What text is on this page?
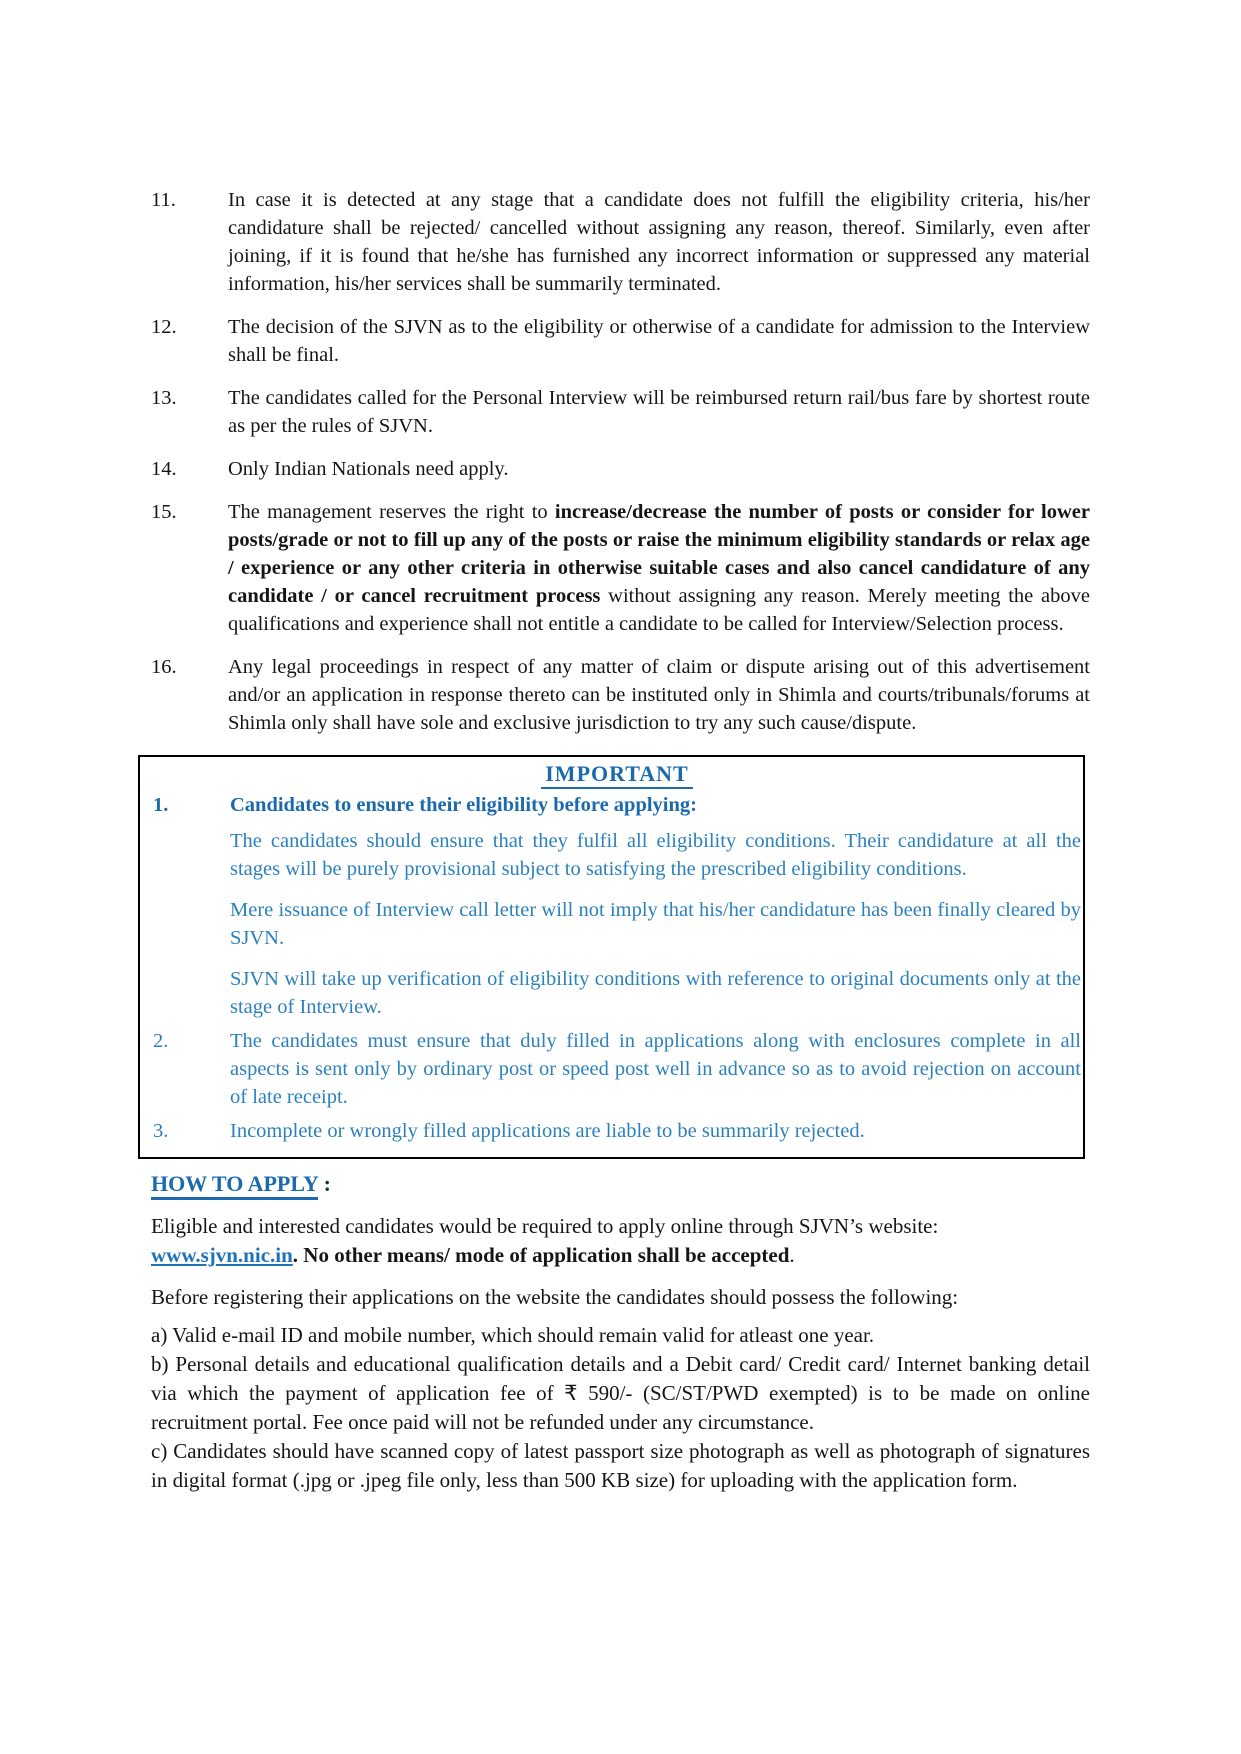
11.	In case it is detected at any stage that a candidate does not fulfill the eligibility criteria, his/her candidature shall be rejected/ cancelled without assigning any reason, thereof. Similarly, even after joining, if it is found that he/she has furnished any incorrect information or suppressed any material information, his/her services shall be summarily terminated.
12.	The decision of the SJVN as to the eligibility or otherwise of a candidate for admission to the Interview shall be final.
13.	The candidates called for the Personal Interview will be reimbursed return rail/bus fare by shortest route as per the rules of SJVN.
14.	Only Indian Nationals need apply.
15.	The management reserves the right to increase/decrease the number of posts or consider for lower posts/grade or not to fill up any of the posts or raise the minimum eligibility standards or relax age / experience or any other criteria in otherwise suitable cases and also cancel candidature of any candidate / or cancel recruitment process without assigning any reason. Merely meeting the above qualifications and experience shall not entitle a candidate to be called for Interview/Selection process.
16.	Any legal proceedings in respect of any matter of claim or dispute arising out of this advertisement and/or an application in response thereto can be instituted only in Shimla and courts/tribunals/forums at Shimla only shall have sole and exclusive jurisdiction to try any such cause/dispute.
IMPORTANT
1.	Candidates to ensure their eligibility before applying:

The candidates should ensure that they fulfil all eligibility conditions. Their candidature at all the stages will be purely provisional subject to satisfying the prescribed eligibility conditions.

Mere issuance of Interview call letter will not imply that his/her candidature has been finally cleared by SJVN.

SJVN will take up verification of eligibility conditions with reference to original documents only at the stage of Interview.

2.	The candidates must ensure that duly filled in applications along with enclosures complete in all aspects is sent only by ordinary post or speed post well in advance so as to avoid rejection on account of late receipt.
3.	Incomplete or wrongly filled applications are liable to be summarily rejected.
HOW TO APPLY :

Eligible and interested candidates would be required to apply online through SJVN’s website: www.sjvn.nic.in. No other means/ mode of application shall be accepted.

Before registering their applications on the website the candidates should possess the following:

a) Valid e-mail ID and mobile number, which should remain valid for atleast one year.

b) Personal details and educational qualification details and a Debit card/ Credit card/ Internet banking detail via which the payment of application fee of ₹ 590/- (SC/ST/PWD exempted) is to be made on online recruitment portal. Fee once paid will not be refunded under any circumstance.

c) Candidates should have scanned copy of latest passport size photograph as well as photograph of signatures in digital format (.jpg or .jpeg file only, less than 500 KB size) for uploading with the application form.
